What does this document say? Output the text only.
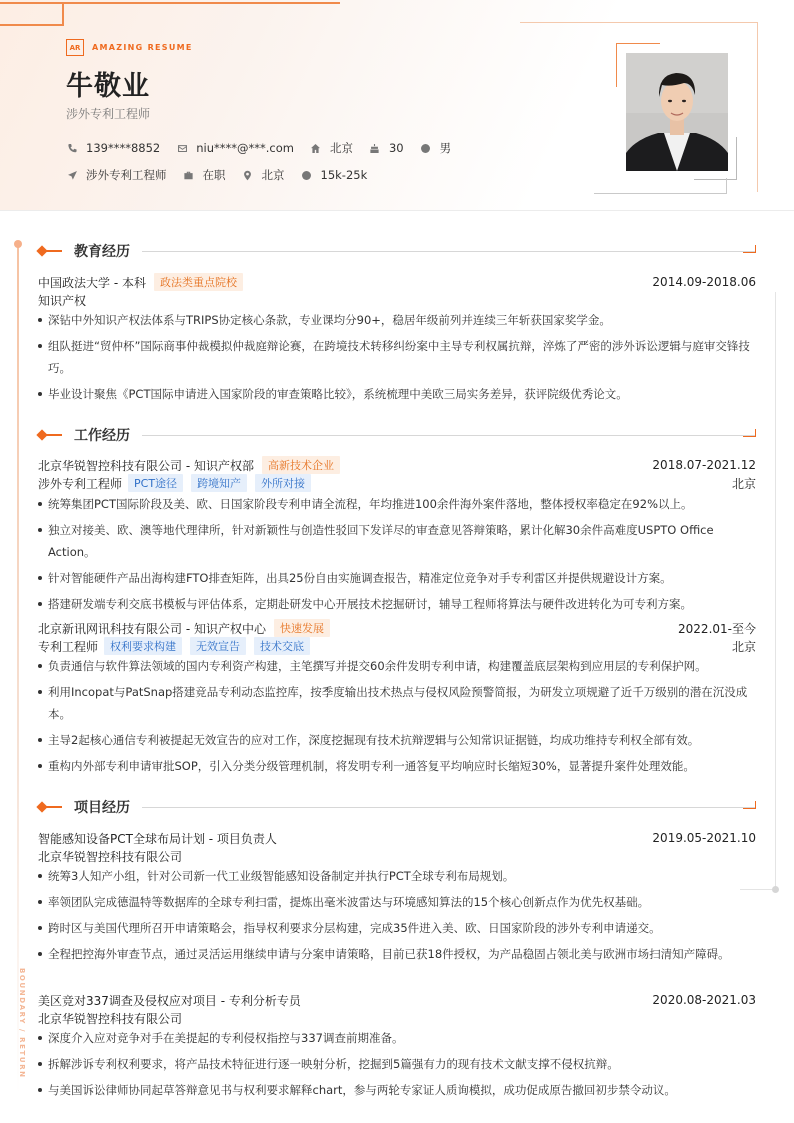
AR	AMAZING RESUME
牛敬业
涉外专利工程师
139****8852	niu****@***.com	北京	30	男
涉外专利工程师	在职	北京	15k-25k
BOUNDARY / RETURN
教育经历
中国政法大学 - 本科	政法类重点院校	2014.09-2018.06
知识产权
深钻中外知识产权法体系与TRIPS协定核心条款，专业课均分90+，稳居年级前列并连续三年斩获国家奖学金。
组队挺进“贸仲杯”国际商事仲裁模拟仲裁庭辩论赛，在跨境技术转移纠纷案中主导专利权属抗辩，淬炼了严密的涉外诉讼逻辑与庭审交锋技巧。
毕业设计聚焦《PCT国际申请进入国家阶段的审查策略比较》，系统梳理中美欧三局实务差异，获评院级优秀论文。
工作经历
北京华锐智控科技有限公司 - 知识产权部	高新技术企业	2018.07-2021.12
涉外专利工程师	PCT途径	跨境知产	外所对接	北京
统筹集团PCT国际阶段及美、欧、日国家阶段专利申请全流程，年均推进100余件海外案件落地，整体授权率稳定在92%以上。
独立对接美、欧、澳等地代理律所，针对新颖性与创造性驳回下发详尽的审查意见答辩策略，累计化解30余件高难度USPTO Office Action。
针对智能硬件产品出海构建FTO排查矩阵，出具25份自由实施调查报告，精准定位竞争对手专利雷区并提供规避设计方案。
搭建研发端专利交底书模板与评估体系，定期赴研发中心开展技术挖掘研讨，辅导工程师将算法与硬件改进转化为可专利方案。
北京新讯网讯科技有限公司 - 知识产权中心	快速发展	2022.01-至今
专利工程师	权利要求构建	无效宣告	技术交底	北京
负责通信与软件算法领域的国内专利资产构建，主笔撰写并提交60余件发明专利申请，构建覆盖底层架构到应用层的专利保护网。
利用Incopat与PatSnap搭建竞品专利动态监控库，按季度输出技术热点与侵权风险预警简报，为研发立项规避了近千万级别的潜在沉没成本。
主导2起核心通信专利被提起无效宣告的应对工作，深度挖掘现有技术抗辩逻辑与公知常识证据链，均成功维持专利权全部有效。
重构内外部专利申请审批SOP，引入分类分级管理机制，将发明专利一通答复平均响应时长缩短30%，显著提升案件处理效能。
项目经历
智能感知设备PCT全球布局计划 - 项目负责人	2019.05-2021.10
北京华锐智控科技有限公司
统筹3人知产小组，针对公司新一代工业级智能感知设备制定并执行PCT全球专利布局规划。
率领团队完成德温特等数据库的全球专利扫雷，提炼出毫米波雷达与环境感知算法的15个核心创新点作为优先权基础。
跨时区与美国代理所召开申请策略会，指导权利要求分层构建，完成35件进入美、欧、日国家阶段的涉外专利申请递交。
全程把控海外审查节点，通过灵活运用继续申请与分案申请策略，目前已获18件授权，为产品稳固占领北美与欧洲市场扫清知产障碍。
美区竞对337调查及侵权应对项目 - 专利分析专员	2020.08-2021.03
北京华锐智控科技有限公司
深度介入应对竞争对手在美提起的专利侵权指控与337调查前期准备。
拆解涉诉专利权利要求，将产品技术特征进行逐一映射分析，挖掘到5篇强有力的现有技术文献支撑不侵权抗辩。
与美国诉讼律师协同起草答辩意见书与权利要求解释chart，参与两轮专家证人质询模拟，成功促成原告撤回初步禁令动议。
